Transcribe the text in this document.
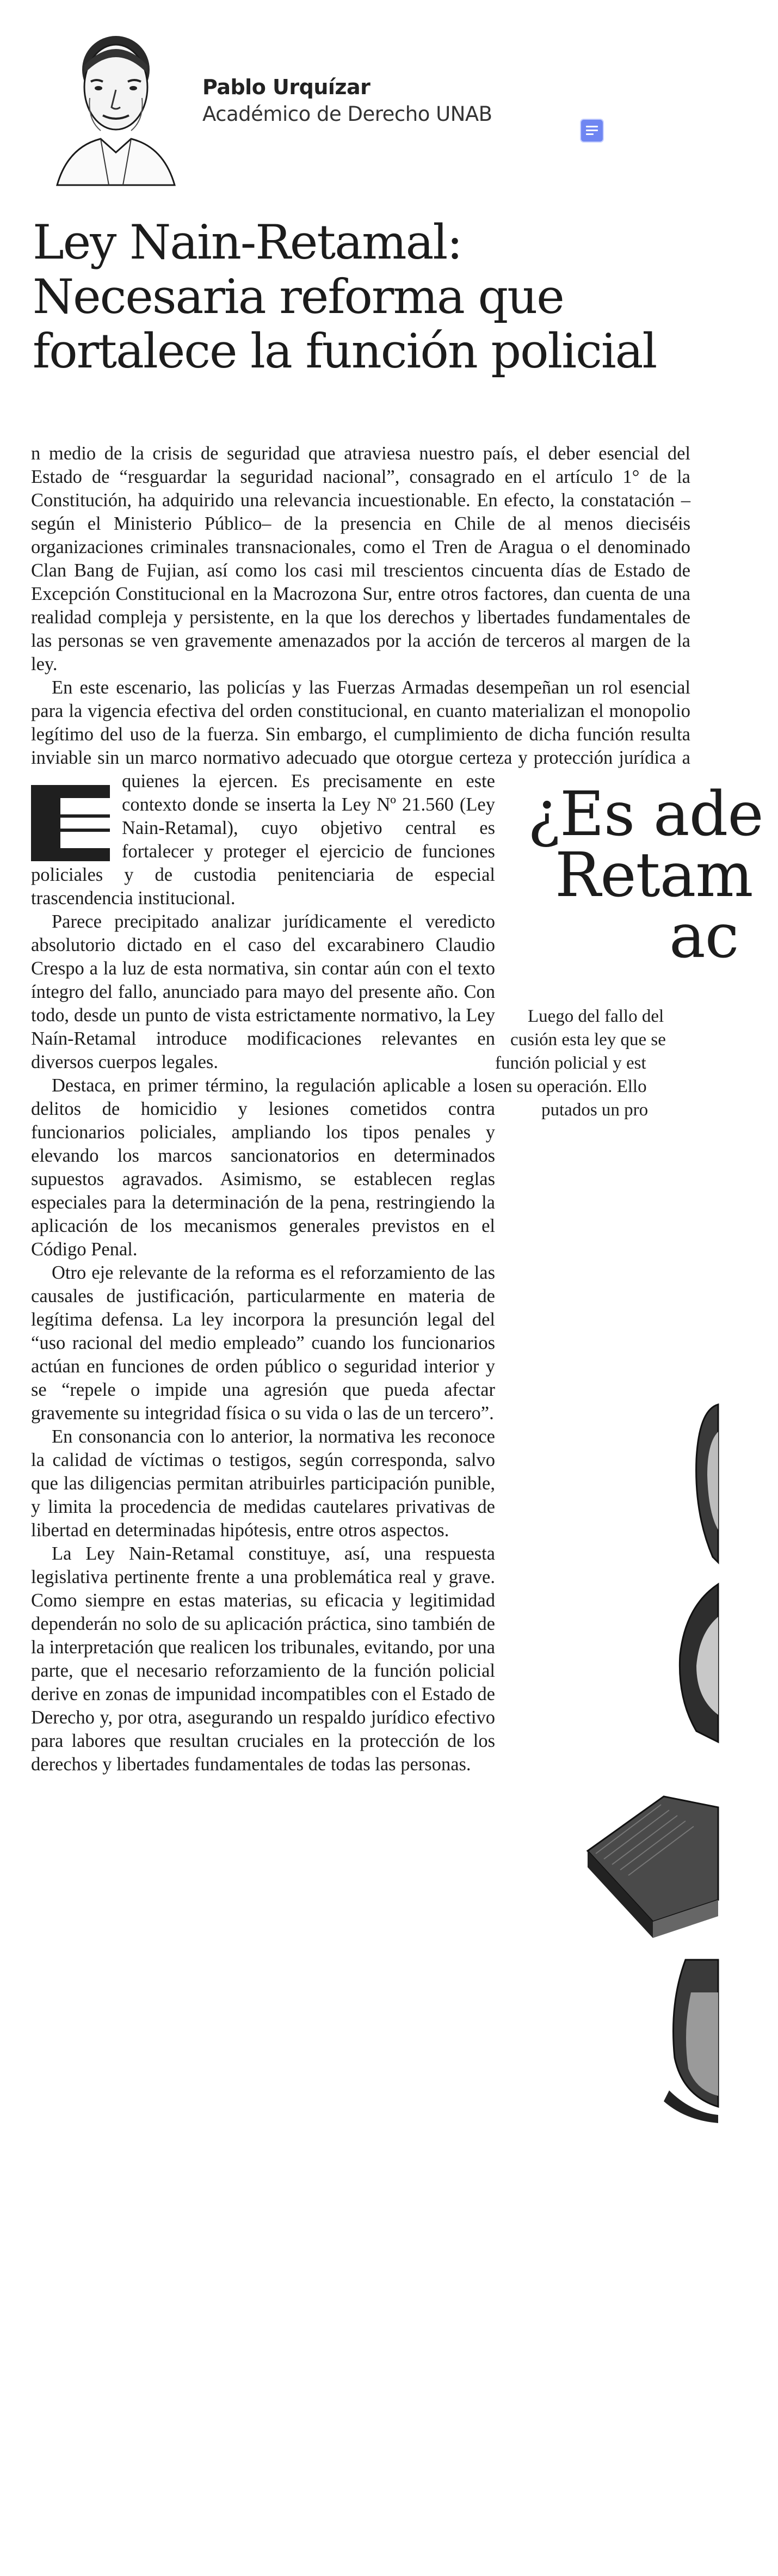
Pablo Urquízar
Académico de Derecho UNAB
Ley Nain-Retamal:
Necesaria reforma que
fortalece la función policial

n medio de la crisis de seguridad que atraviesa nuestro país, el deber esencial del Estado de “resguardar la seguridad nacional”, consagrado en el artículo 1° de la Constitución, ha adquirido una relevancia incuestionable. En efecto, la constatación –según el Ministerio Público– de la presencia en Chile de al menos dieciséis organizaciones criminales transnacionales, como el Tren de Aragua o el denominado Clan Bang de Fujian, así como los casi mil trescientos cincuenta días de Estado de Excepción Constitucional en la Macrozona Sur, entre otros factores, dan cuenta de una realidad compleja y persistente, en la que los derechos y libertades fundamentales de las personas se ven gravemente amenazados por la acción de terceros al margen de la ley.

En este escenario, las policías y las Fuerzas Armadas desempeñan un rol esencial para la vigencia efectiva del orden constitucional, en cuanto materializan el monopolio legítimo del uso de la fuerza. Sin embargo, el cumplimiento de dicha función resulta inviable sin un marco normativo adecuado que otorgue certeza y protección jurídica a quienes la ejercen. Es precisamente en este contexto donde se inserta la Ley Nº 21.560 (Ley Nain-Retamal), cuyo objetivo central es fortalecer y proteger el ejercicio de funciones policiales y de custodia penitenciaria de especial trascendencia institucional.

Parece precipitado analizar jurídicamente el veredicto absolutorio dictado en el caso del excarabinero Claudio Crespo a la luz de esta normativa, sin contar aún con el texto íntegro del fallo, anunciado para mayo del presente año. Con todo, desde un punto de vista estrictamente normativo, la Ley Naín-Retamal introduce modificaciones relevantes en diversos cuerpos legales.

Destaca, en primer término, la regulación aplicable a los delitos de homicidio y lesiones cometidos contra funcionarios policiales, ampliando los tipos penales y elevando los marcos sancionatorios en determinados supuestos agravados. Asimismo, se establecen reglas especiales para la determinación de la pena, restringiendo la aplicación de los mecanismos generales previstos en el Código Penal.

Otro eje relevante de la reforma es el reforzamiento de las causales de justificación, particularmente en materia de legítima defensa. La ley incorpora la presunción legal del “uso racional del medio empleado” cuando los funcionarios actúan en funciones de orden público o seguridad interior y se “repele o impide una agresión que pueda afectar gravemente su integridad física o su vida o las de un tercero”.

En consonancia con lo anterior, la normativa les reconoce la calidad de víctimas o testigos, según corresponda, salvo que las diligencias permitan atribuirles participación punible, y limita la procedencia de medidas cautelares privativas de libertad en determinadas hipótesis, entre otros aspectos.

La Ley Nain-Retamal constituye, así, una respuesta legislativa pertinente frente a una problemática real y grave. Como siempre en estas materias, su eficacia y legitimidad dependerán no solo de su aplicación práctica, sino también de la interpretación que realicen los tribunales, evitando, por una parte, que el necesario reforzamiento de la función policial derive en zonas de impunidad incompatibles con el Estado de Derecho y, por otra, asegurando un respaldo jurídico efectivo para labores que resultan cruciales en la protección de los derechos y libertades fundamentales de todas las personas.

¿Es ade
Retam
ac
Luego del fallo del
cusión esta ley que se
función policial y est
en su operación. Ello
putados un pro
